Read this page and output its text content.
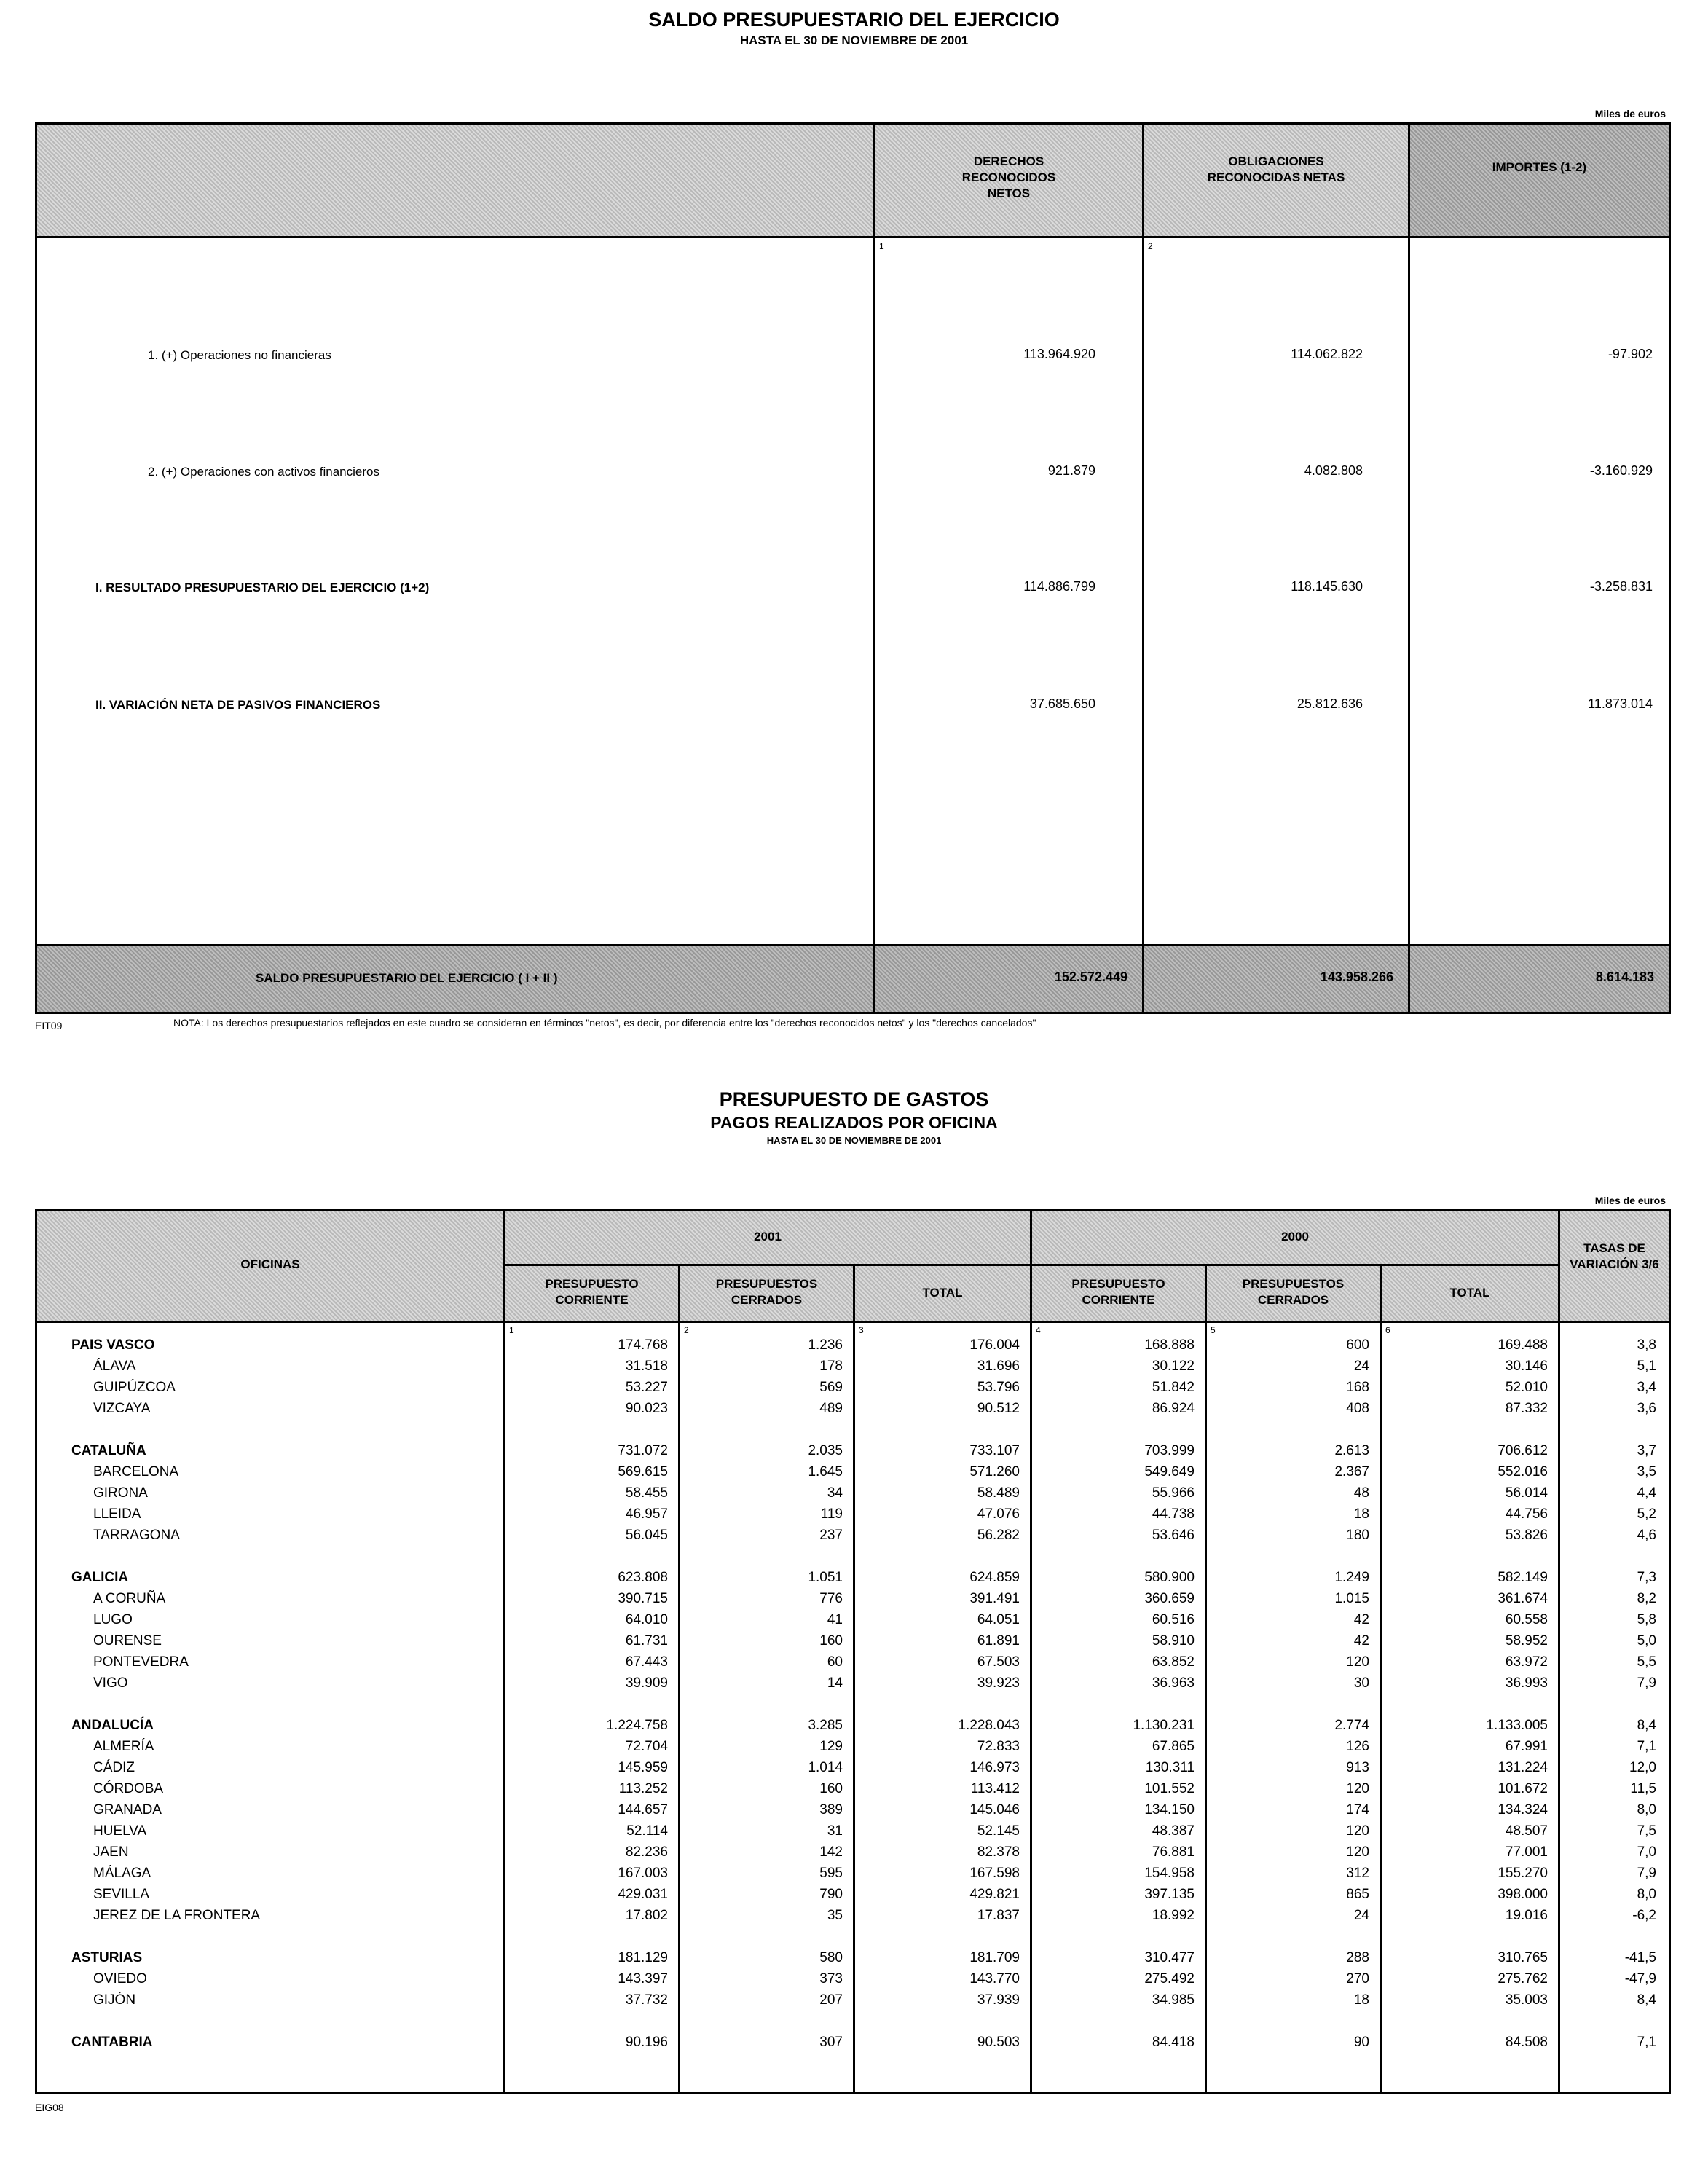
SALDO PRESUPUESTARIO DEL EJERCICIO
HASTA EL 30 DE NOVIEMBRE DE 2001
Miles de euros
DERECHOS RECONOCIDOS NETOS
OBLIGACIONES RECONOCIDAS NETAS
IMPORTES (1-2)
1	2
1. (+) Operaciones no financieras	113.964.920	114.062.822	-97.902
2. (+) Operaciones con activos financieros	921.879	4.082.808	-3.160.929
I. RESULTADO PRESUPUESTARIO DEL EJERCICIO (1+2)	114.886.799	118.145.630	-3.258.831
II. VARIACIÓN NETA DE PASIVOS FINANCIEROS	37.685.650	25.812.636	11.873.014
SALDO PRESUPUESTARIO DEL EJERCICIO ( I + II )	152.572.449	143.958.266	8.614.183
EIT09	NOTA: Los derechos presupuestarios reflejados en este cuadro se consideran en términos "netos", es decir, por diferencia entre los "derechos reconocidos netos" y los "derechos cancelados"
PRESUPUESTO DE GASTOS
PAGOS REALIZADOS POR OFICINA
HASTA EL 30 DE NOVIEMBRE DE 2001
Miles de euros
OFICINAS
2001	2000
TASAS DE VARIACIÓN 3/6
PRESUPUESTO CORRIENTE
PRESUPUESTOS CERRADOS
TOTAL
PRESUPUESTO CORRIENTE
PRESUPUESTOS CERRADOS
TOTAL
1	2	3	4	5	6
PAIS VASCO	174.768	1.236	176.004	168.888	600	169.488	3,8
ÁLAVA	31.518	178	31.696	30.122	24	30.146	5,1
GUIPÚZCOA	53.227	569	53.796	51.842	168	52.010	3,4
VIZCAYA	90.023	489	90.512	86.924	408	87.332	3,6

CATALUÑA	731.072	2.035	733.107	703.999	2.613	706.612	3,7
BARCELONA	569.615	1.645	571.260	549.649	2.367	552.016	3,5
GIRONA	58.455	34	58.489	55.966	48	56.014	4,4
LLEIDA	46.957	119	47.076	44.738	18	44.756	5,2
TARRAGONA	56.045	237	56.282	53.646	180	53.826	4,6

GALICIA	623.808	1.051	624.859	580.900	1.249	582.149	7,3
A CORUÑA	390.715	776	391.491	360.659	1.015	361.674	8,2
LUGO	64.010	41	64.051	60.516	42	60.558	5,8
OURENSE	61.731	160	61.891	58.910	42	58.952	5,0
PONTEVEDRA	67.443	60	67.503	63.852	120	63.972	5,5
VIGO	39.909	14	39.923	36.963	30	36.993	7,9

ANDALUCÍA	1.224.758	3.285	1.228.043	1.130.231	2.774	1.133.005	8,4
ALMERÍA	72.704	129	72.833	67.865	126	67.991	7,1
CÁDIZ	145.959	1.014	146.973	130.311	913	131.224	12,0
CÓRDOBA	113.252	160	113.412	101.552	120	101.672	11,5
GRANADA	144.657	389	145.046	134.150	174	134.324	8,0
HUELVA	52.114	31	52.145	48.387	120	48.507	7,5
JAEN	82.236	142	82.378	76.881	120	77.001	7,0
MÁLAGA	167.003	595	167.598	154.958	312	155.270	7,9
SEVILLA	429.031	790	429.821	397.135	865	398.000	8,0
JEREZ DE LA FRONTERA	17.802	35	17.837	18.992	24	19.016	-6,2

ASTURIAS	181.129	580	181.709	310.477	288	310.765	-41,5
OVIEDO	143.397	373	143.770	275.492	270	275.762	-47,9
GIJÓN	37.732	207	37.939	34.985	18	35.003	8,4

CANTABRIA	90.196	307	90.503	84.418	90	84.508	7,1
EIG08
